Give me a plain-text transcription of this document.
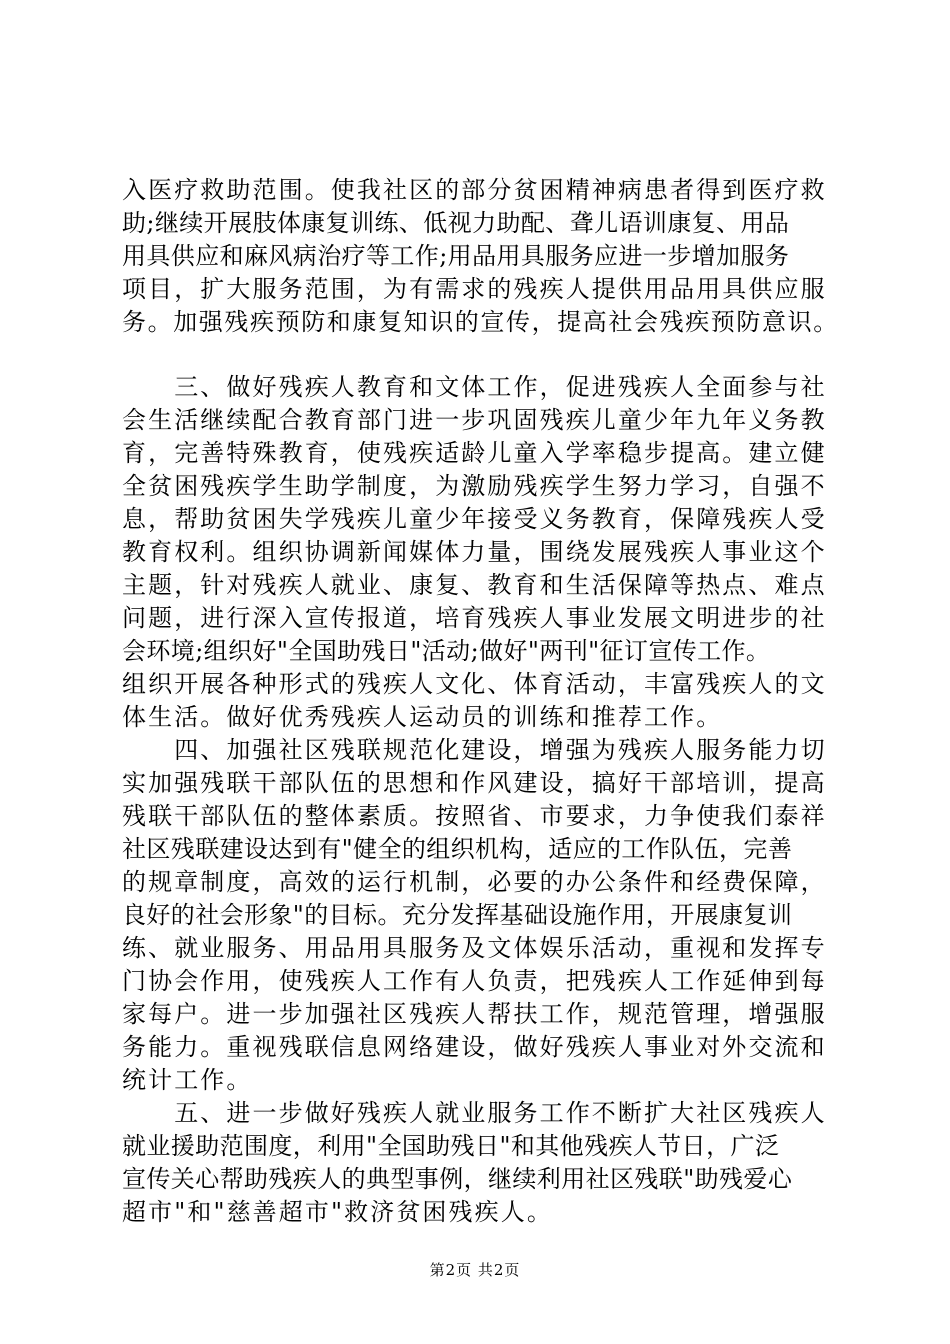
入医疗救助范围。使我社区的部分贫困精神病患者得到医疗救
助;继续开展肢体康复训练、低视力助配、聋儿语训康复、用品
用具供应和麻风病治疗等工作;用品用具服务应进一步增加服务
项目，扩大服务范围，为有需求的残疾人提供用品用具供应服
务。加强残疾预防和康复知识的宣传，提高社会残疾预防意识。
　　三、做好残疾人教育和文体工作，促进残疾人全面参与社
会生活继续配合教育部门进一步巩固残疾儿童少年九年义务教
育，完善特殊教育，使残疾适龄儿童入学率稳步提高。建立健
全贫困残疾学生助学制度，为激励残疾学生努力学习，自强不
息，帮助贫困失学残疾儿童少年接受义务教育，保障残疾人受
教育权利。组织协调新闻媒体力量，围绕发展残疾人事业这个
主题，针对残疾人就业、康复、教育和生活保障等热点、难点
问题，进行深入宣传报道，培育残疾人事业发展文明进步的社
会环境;组织好"全国助残日"活动;做好"两刊"征订宣传工作。
组织开展各种形式的残疾人文化、体育活动，丰富残疾人的文
体生活。做好优秀残疾人运动员的训练和推荐工作。
　　四、加强社区残联规范化建设，增强为残疾人服务能力切
实加强残联干部队伍的思想和作风建设，搞好干部培训，提高
残联干部队伍的整体素质。按照省、市要求，力争使我们泰祥
社区残联建设达到有"健全的组织机构，适应的工作队伍，完善
的规章制度，高效的运行机制，必要的办公条件和经费保障，
良好的社会形象"的目标。充分发挥基础设施作用，开展康复训
练、就业服务、用品用具服务及文体娱乐活动，重视和发挥专
门协会作用，使残疾人工作有人负责，把残疾人工作延伸到每
家每户。进一步加强社区残疾人帮扶工作，规范管理，增强服
务能力。重视残联信息网络建设，做好残疾人事业对外交流和
统计工作。
　　五、进一步做好残疾人就业服务工作不断扩大社区残疾人
就业援助范围度，利用"全国助残日"和其他残疾人节日，广泛
宣传关心帮助残疾人的典型事例，继续利用社区残联"助残爱心
超市"和"慈善超市"救济贫困残疾人。
第2页 共2页
